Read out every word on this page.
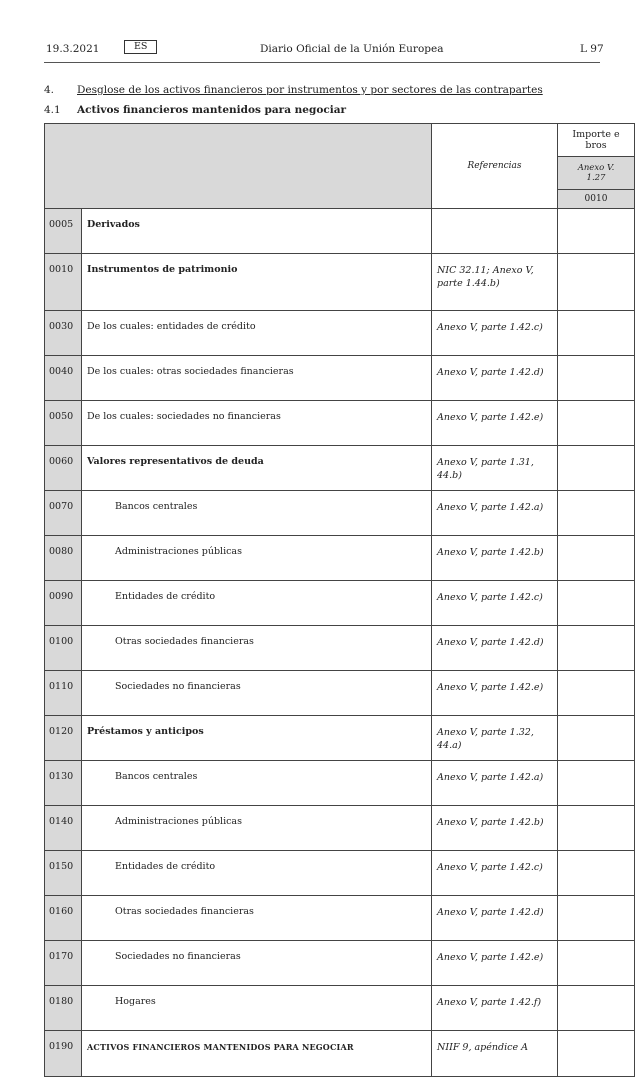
19.3.2021	ES	Diario Oficial de la Unión Europea	L 97
4. Desglose de los activos financieros por instrumentos y por sectores de las contrapartes
4.1 Activos financieros mantenidos para negociar
		Referencias	Importe e
bros
			Anexo V.
1.27
			0010
0005	Derivados		
0010	Instrumentos de patrimonio	NIC 32.11; Anexo V, parte 1.44.b)	
0030	De los cuales: entidades de crédito	Anexo V, parte 1.42.c)	
0040	De los cuales: otras sociedades financieras	Anexo V, parte 1.42.d)	
0050	De los cuales: sociedades no financieras	Anexo V, parte 1.42.e)	
0060	Valores representativos de deuda	Anexo V, parte 1.31, 44.b)	
0070	Bancos centrales	Anexo V, parte 1.42.a)	
0080	Administraciones públicas	Anexo V, parte 1.42.b)	
0090	Entidades de crédito	Anexo V, parte 1.42.c)	
0100	Otras sociedades financieras	Anexo V, parte 1.42.d)	
0110	Sociedades no financieras	Anexo V, parte 1.42.e)	
0120	Préstamos y anticipos	Anexo V, parte 1.32, 44.a)	
0130	Bancos centrales	Anexo V, parte 1.42.a)	
0140	Administraciones públicas	Anexo V, parte 1.42.b)	
0150	Entidades de crédito	Anexo V, parte 1.42.c)	
0160	Otras sociedades financieras	Anexo V, parte 1.42.d)	
0170	Sociedades no financieras	Anexo V, parte 1.42.e)	
0180	Hogares	Anexo V, parte 1.42.f)	
0190	ACTIVOS FINANCIEROS MANTENIDOS PARA NEGOCIAR	NIIF 9, apéndice A	
